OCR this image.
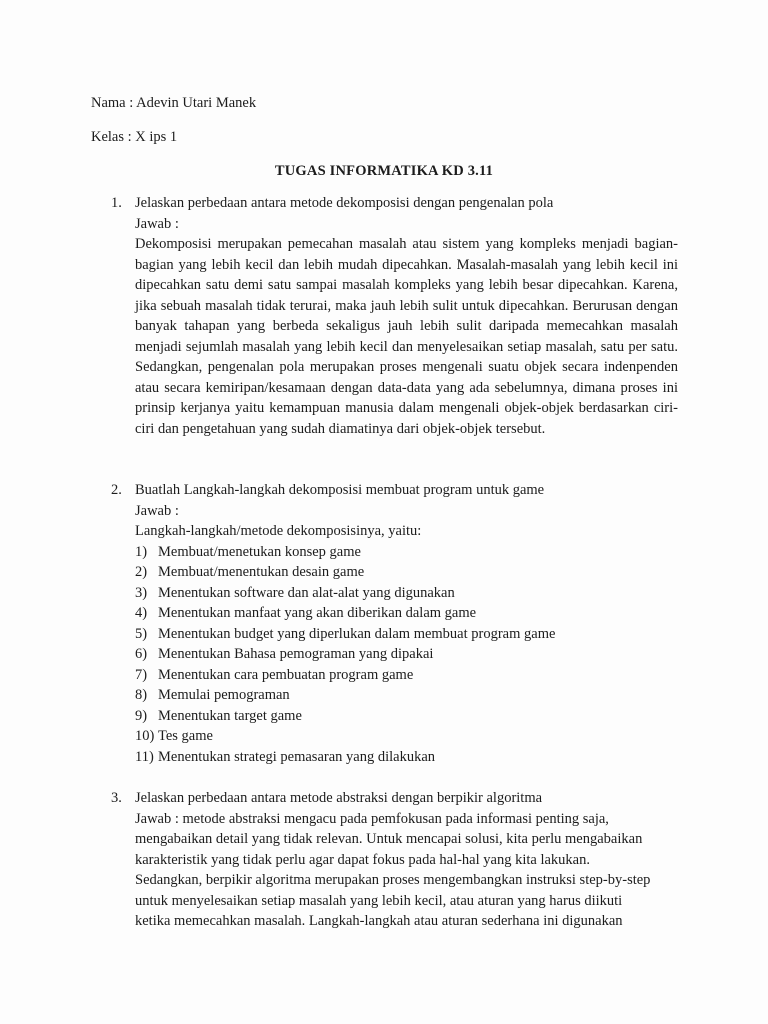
Nama : Adevin Utari Manek
Kelas : X ips 1
TUGAS INFORMATIKA KD 3.11
1. Jelaskan perbedaan antara metode dekomposisi dengan pengenalan pola
Jawab :
Dekomposisi merupakan pemecahan masalah atau sistem yang kompleks menjadi bagian-bagian yang lebih kecil dan lebih mudah dipecahkan. Masalah-masalah yang lebih kecil ini dipecahkan satu demi satu sampai masalah kompleks yang lebih besar dipecahkan. Karena, jika sebuah masalah tidak terurai, maka jauh lebih sulit untuk dipecahkan. Berurusan dengan banyak tahapan yang berbeda sekaligus jauh lebih sulit daripada memecahkan masalah menjadi sejumlah masalah yang lebih kecil dan menyelesaikan setiap masalah, satu per satu. Sedangkan, pengenalan pola merupakan proses mengenali suatu objek secara indenpenden atau secara kemiripan/kesamaan dengan data-data yang ada sebelumnya, dimana proses ini prinsip kerjanya yaitu kemampuan manusia dalam mengenali objek-objek berdasarkan ciri-ciri dan pengetahuan yang sudah diamatinya dari objek-objek tersebut.
2. Buatlah Langkah-langkah dekomposisi membuat program untuk game
Jawab :
Langkah-langkah/metode dekomposisinya, yaitu:
1) Membuat/menetukan konsep game
2) Membuat/menentukan desain game
3) Menentukan software dan alat-alat yang digunakan
4) Menentukan manfaat yang akan diberikan dalam game
5) Menentukan budget yang diperlukan dalam membuat program game
6) Menentukan Bahasa pemograman yang dipakai
7) Menentukan cara pembuatan program game
8) Memulai pemograman
9) Menentukan target game
10) Tes game
11) Menentukan strategi pemasaran yang dilakukan
3. Jelaskan perbedaan antara metode abstraksi dengan berpikir algoritma
Jawab : metode abstraksi mengacu pada pemfokusan pada informasi penting saja,
mengabaikan detail yang tidak relevan. Untuk mencapai solusi, kita perlu mengabaikan
karakteristik yang tidak perlu agar dapat fokus pada hal-hal yang kita lakukan.
Sedangkan, berpikir algoritma merupakan proses mengembangkan instruksi step-by-step
untuk menyelesaikan setiap masalah yang lebih kecil, atau aturan yang harus diikuti
ketika memecahkan masalah. Langkah-langkah atau aturan sederhana ini digunakan
